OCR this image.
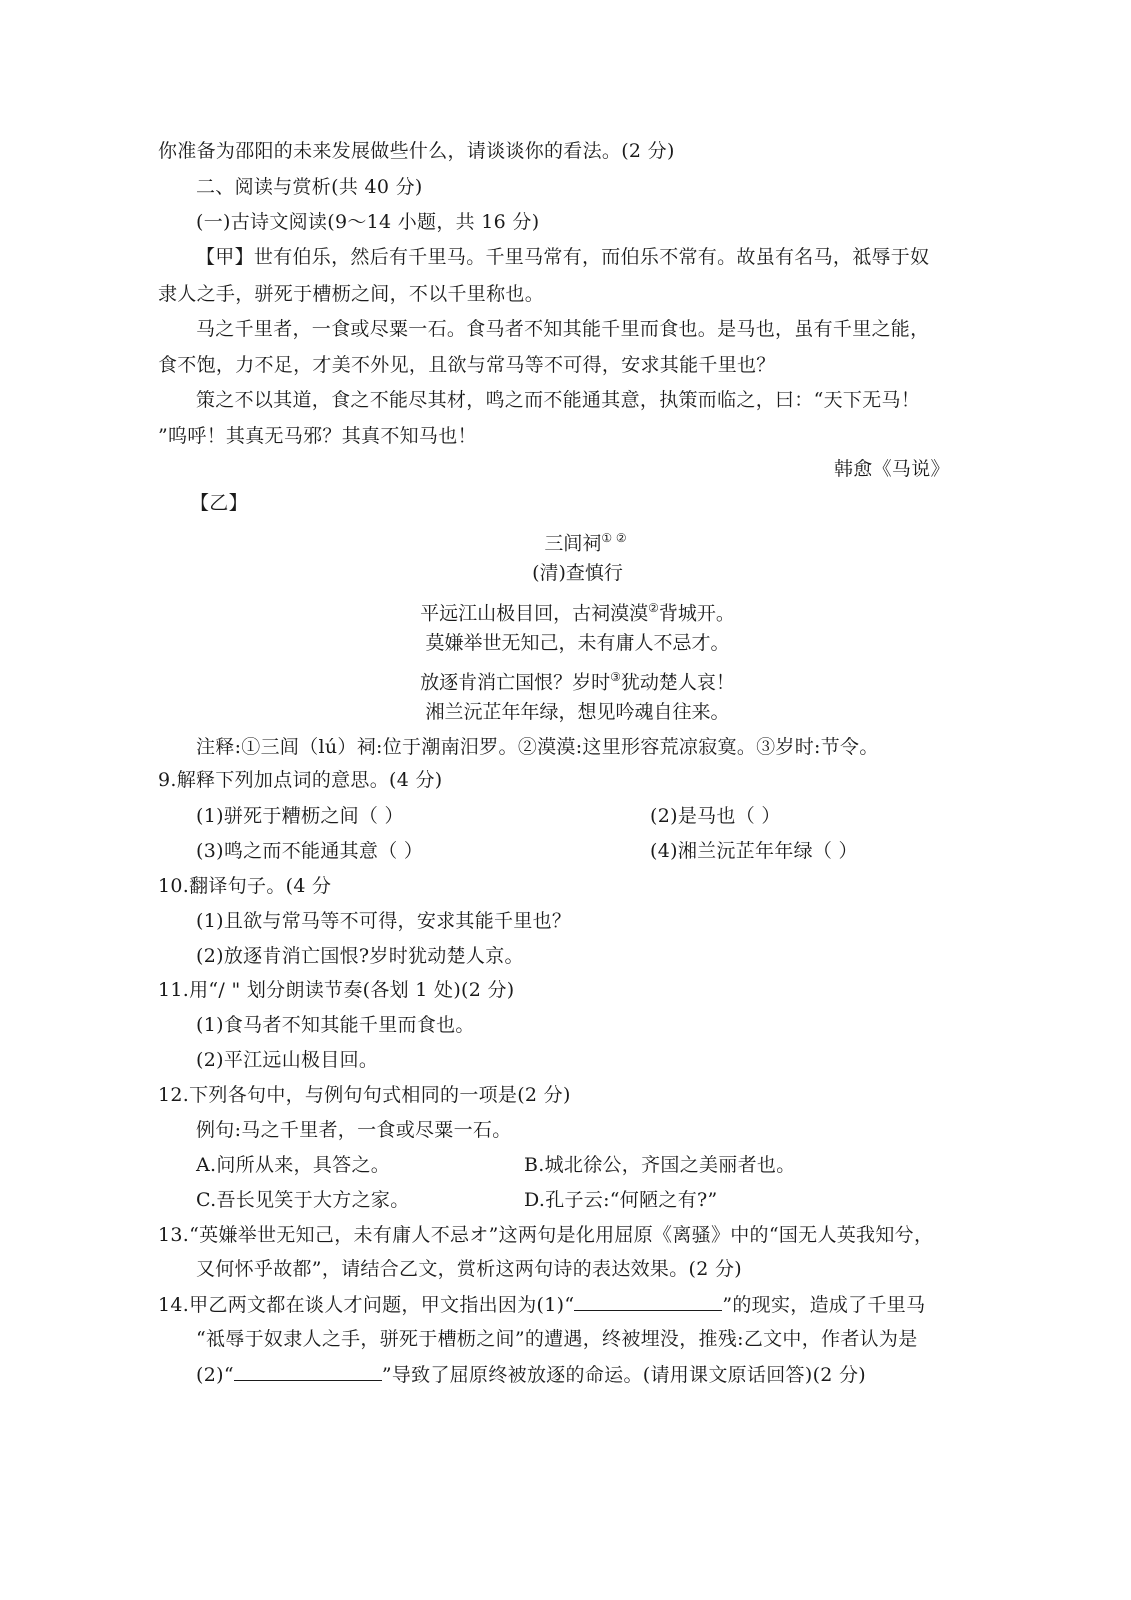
你准备为邵阳的未来发展做些什么，请谈谈你的看法。(2 分)
二、阅读与赏析(共 40 分)
(一)古诗文阅读(9～14 小题，共 16 分)
【甲】世有伯乐，然后有千里马。千里马常有，而伯乐不常有。故虽有名马，祗辱于奴
隶人之手，骈死于槽枥之间，不以千里称也。
马之千里者，一食或尽粟一石。食马者不知其能千里而食也。是马也，虽有千里之能，
食不饱，力不足，才美不外见，且欲与常马等不可得，安求其能千里也？
策之不以其道，食之不能尽其材，鸣之而不能通其意，执策而临之，曰：“天下无马！
”呜呼！其真无马邪？其真不知马也！
韩愈《马说》
【乙】
三闾祠① ②
(清)查慎行
平远江山极目回，古祠漠漠②背城开。
莫嫌举世无知己，未有庸人不忌才。
放逐肯消亡国恨？岁时③犹动楚人哀！
湘兰沅芷年年绿，想见吟魂自往来。
注释:①三闾（lú）祠:位于潮南汨罗。②漠漠:这里形容荒凉寂寞。③岁时:节令。
9.解释下列加点词的意思。(4 分)
(1)骈死于糟枥之间（ ）	(2)是马也（ ）
(3)鸣之而不能通其意（ ）	(4)湘兰沅芷年年绿（ ）
10.翻译句子。(4 分
(1)且欲与常马等不可得，安求其能千里也？
(2)放逐肯消亡国恨?岁时犹动楚人京。
11.用“/ " 划分朗读节奏(各划 1 处)(2 分)
(1)食马者不知其能千里而食也。
(2)平江远山极目回。
12.下列各句中，与例句句式相同的一项是(2 分)
例句:马之千里者，一食或尽粟一石。
A.问所从来，具答之。	B.城北徐公，齐国之美丽者也。
C.吾长见笑于大方之家。	D.孔子云:“何陋之有?”
13.“英嫌举世无知己，未有庸人不忌オ”这两句是化用屈原《离骚》中的“国无人英我知兮，
又何怀乎故都”，请结合乙文，赏析这两句诗的表达效果。(2 分)
14.甲乙两文都在谈人才问题，甲文指出因为(1)“	”的现实，造成了千里马
“祗辱于奴隶人之手，骈死于槽枥之间”的遭遇，终被埋没，推残:乙文中，作者认为是
(2)“	”导致了屈原终被放逐的命运。(请用课文原话回答)(2 分)
